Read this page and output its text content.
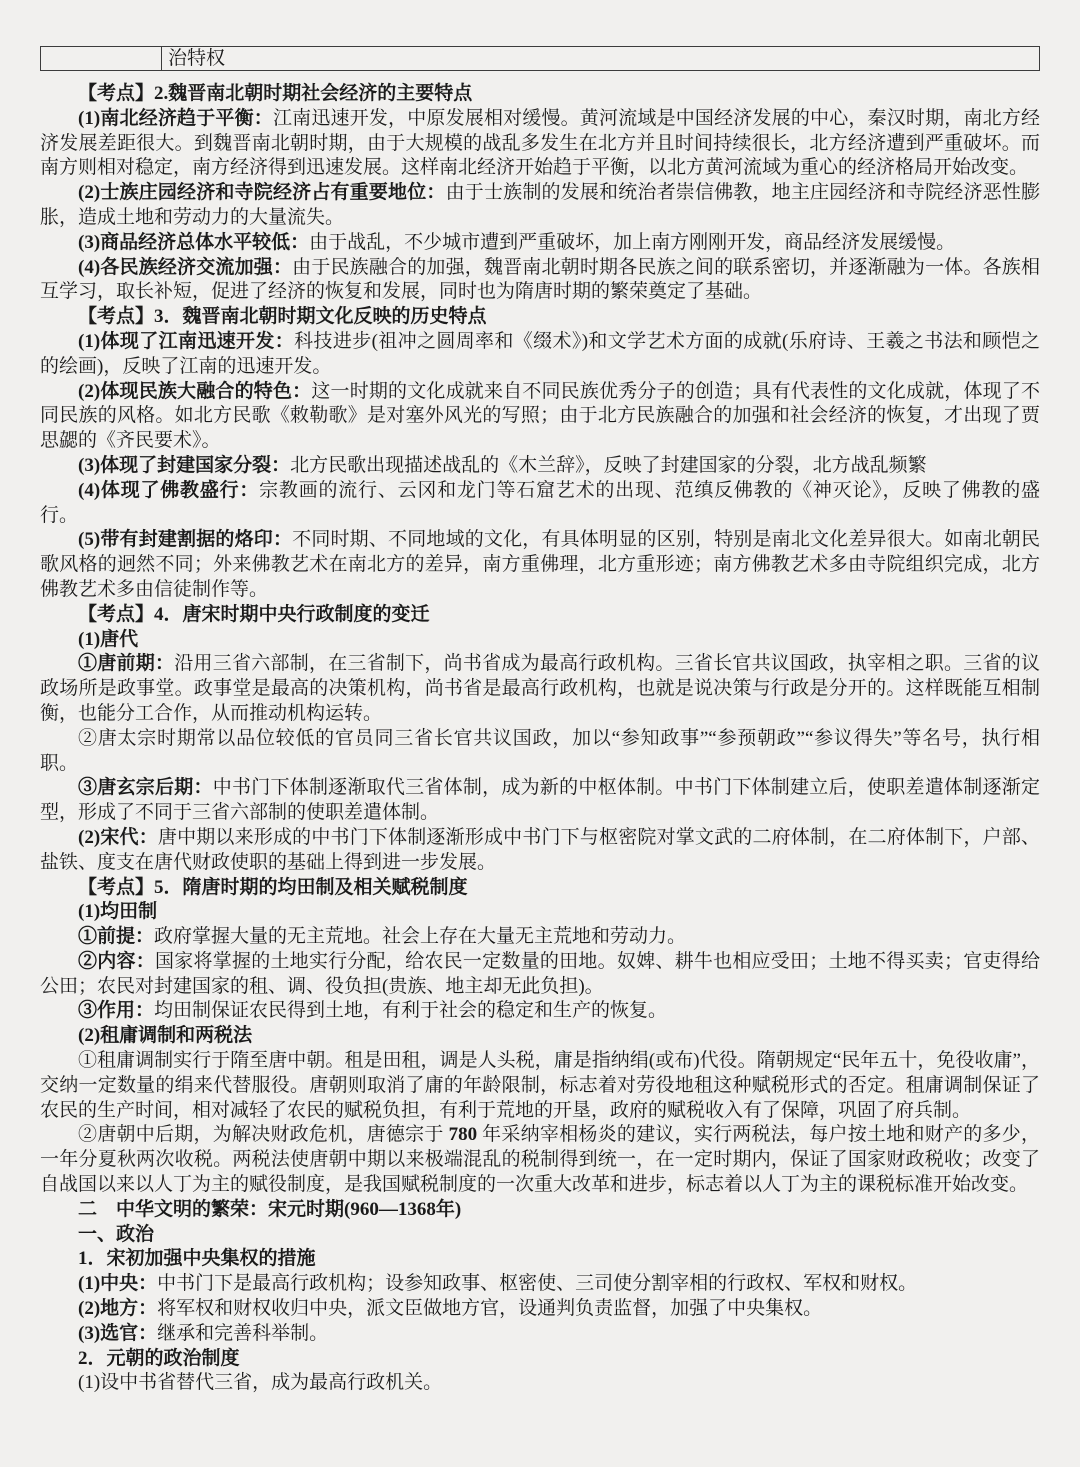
治特权

【考点】2.魏晋南北朝时期社会经济的主要特点

(1)南北经济趋于平衡：江南迅速开发，中原发展相对缓慢。黄河流域是中国经济发展的中心，秦汉时期，南北方经济发展差距很大。到魏晋南北朝时期，由于大规模的战乱多发生在北方并且时间持续很长，北方经济遭到严重破坏。而南方则相对稳定，南方经济得到迅速发展。这样南北经济开始趋于平衡，以北方黄河流域为重心的经济格局开始改变。

(2)士族庄园经济和寺院经济占有重要地位：由于士族制的发展和统治者崇信佛教，地主庄园经济和寺院经济恶性膨胀，造成土地和劳动力的大量流失。

(3)商品经济总体水平较低：由于战乱，不少城市遭到严重破坏，加上南方刚刚开发，商品经济发展缓慢。

(4)各民族经济交流加强：由于民族融合的加强，魏晋南北朝时期各民族之间的联系密切，并逐渐融为一体。各族相互学习，取长补短，促进了经济的恢复和发展，同时也为隋唐时期的繁荣奠定了基础。

【考点】3．魏晋南北朝时期文化反映的历史特点

(1)体现了江南迅速开发：科技进步(祖冲之圆周率和《缀术》)和文学艺术方面的成就(乐府诗、王羲之书法和顾恺之的绘画)，反映了江南的迅速开发。

(2)体现民族大融合的特色：这一时期的文化成就来自不同民族优秀分子的创造；具有代表性的文化成就，体现了不同民族的风格。如北方民歌《敕勒歌》是对塞外风光的写照；由于北方民族融合的加强和社会经济的恢复，才出现了贾思勰的《齐民要术》。

(3)体现了封建国家分裂：北方民歌出现描述战乱的《木兰辞》，反映了封建国家的分裂，北方战乱频繁

(4)体现了佛教盛行：宗教画的流行、云冈和龙门等石窟艺术的出现、范缜反佛教的《神灭论》，反映了佛教的盛行。

(5)带有封建割据的烙印：不同时期、不同地域的文化，有具体明显的区别，特别是南北文化差异很大。如南北朝民歌风格的迥然不同；外来佛教艺术在南北方的差异，南方重佛理，北方重形迹；南方佛教艺术多由寺院组织完成，北方佛教艺术多由信徒制作等。

【考点】4．唐宋时期中央行政制度的变迁

(1)唐代

①唐前期：沿用三省六部制，在三省制下，尚书省成为最高行政机构。三省长官共议国政，执宰相之职。三省的议政场所是政事堂。政事堂是最高的决策机构，尚书省是最高行政机构，也就是说决策与行政是分开的。这样既能互相制衡，也能分工合作，从而推动机构运转。

②唐太宗时期常以品位较低的官员同三省长官共议国政，加以“参知政事”“参预朝政”“参议得失”等名号，执行相职。

③唐玄宗后期：中书门下体制逐渐取代三省体制，成为新的中枢体制。中书门下体制建立后，使职差遣体制逐渐定型，形成了不同于三省六部制的使职差遣体制。

(2)宋代：唐中期以来形成的中书门下体制逐渐形成中书门下与枢密院对掌文武的二府体制，在二府体制下，户部、盐铁、度支在唐代财政使职的基础上得到进一步发展。

【考点】5．隋唐时期的均田制及相关赋税制度

(1)均田制

①前提：政府掌握大量的无主荒地。社会上存在大量无主荒地和劳动力。

②内容：国家将掌握的土地实行分配，给农民一定数量的田地。奴婢、耕牛也相应受田；土地不得买卖；官吏得给公田；农民对封建国家的租、调、役负担(贵族、地主却无此负担)。

③作用：均田制保证农民得到土地，有利于社会的稳定和生产的恢复。

(2)租庸调制和两税法

①租庸调制实行于隋至唐中朝。租是田租，调是人头税，庸是指纳绢(或布)代役。隋朝规定“民年五十，免役收庸”，交纳一定数量的绢来代替服役。唐朝则取消了庸的年龄限制，标志着对劳役地租这种赋税形式的否定。租庸调制保证了农民的生产时间，相对减轻了农民的赋税负担，有利于荒地的开垦，政府的赋税收入有了保障，巩固了府兵制。

②唐朝中后期，为解决财政危机，唐德宗于 780 年采纳宰相杨炎的建议，实行两税法，每户按土地和财产的多少，一年分夏秋两次收税。两税法使唐朝中期以来极端混乱的税制得到统一，在一定时期内，保证了国家财政税收；改变了自战国以来以人丁为主的赋役制度，是我国赋税制度的一次重大改革和进步，标志着以人丁为主的课税标准开始改变。

二　中华文明的繁荣：宋元时期(960—1368年)

一、政治

1．宋初加强中央集权的措施

(1)中央：中书门下是最高行政机构；设参知政事、枢密使、三司使分割宰相的行政权、军权和财权。

(2)地方：将军权和财权收归中央，派文臣做地方官，设通判负责监督，加强了中央集权。

(3)选官：继承和完善科举制。

2．元朝的政治制度

(1)设中书省替代三省，成为最高行政机关。
